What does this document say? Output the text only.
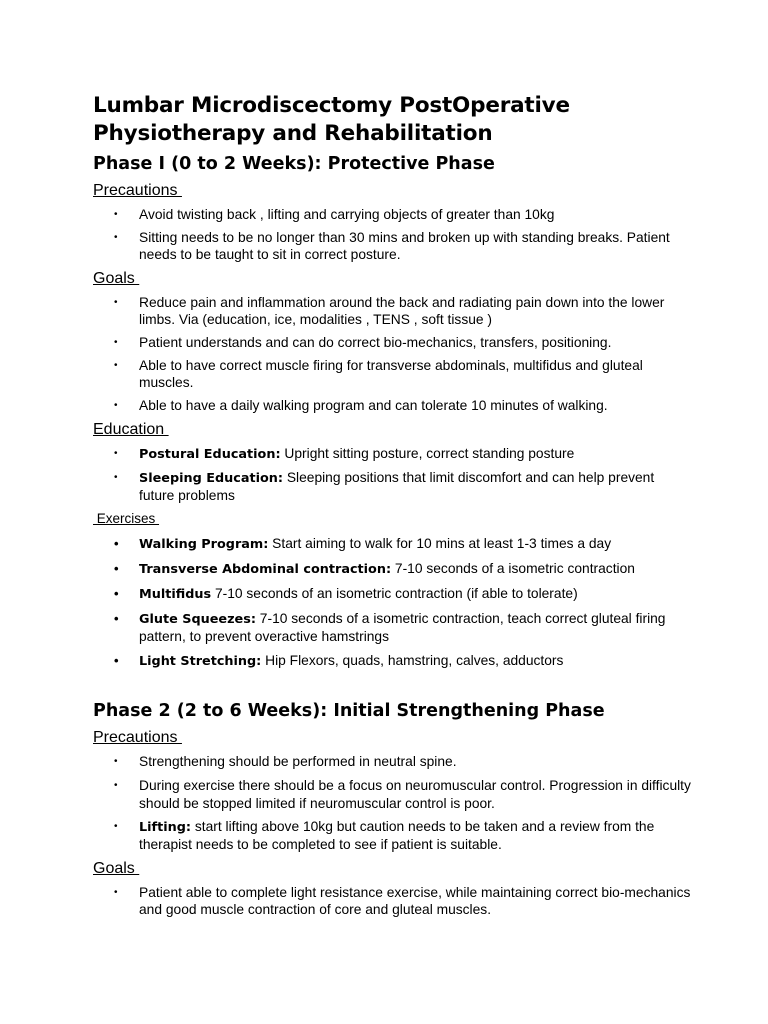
Lumbar Microdiscectomy PostOperative Physiotherapy and Rehabilitation
Phase I (0 to 2 Weeks): Protective Phase
Precautions
• Avoid twisting back , lifting and carrying objects of greater than 10kg
• Sitting needs to be no longer than 30 mins and broken up with standing breaks. Patient needs to be taught to sit in correct posture.
Goals
• Reduce pain and inflammation around the back and radiating pain down into the lower limbs. Via (education, ice, modalities , TENS , soft tissue )
• Patient understands and can do correct bio-mechanics, transfers, positioning.
• Able to have correct muscle firing for transverse abdominals, multifidus and gluteal muscles.
• Able to have a daily walking program and can tolerate 10 minutes of walking.
Education
• Postural Education: Upright sitting posture, correct standing posture
• Sleeping Education: Sleeping positions that limit discomfort and can help prevent future problems
Exercises
• Walking Program: Start aiming to walk for 10 mins at least 1-3 times a day
• Transverse Abdominal contraction: 7-10 seconds of a isometric contraction
• Multifidus 7-10 seconds of an isometric contraction (if able to tolerate)
• Glute Squeezes: 7-10 seconds of a isometric contraction, teach correct gluteal firing pattern, to prevent overactive hamstrings
• Light Stretching: Hip Flexors, quads, hamstring, calves, adductors
Phase 2 (2 to 6 Weeks): Initial Strengthening Phase
Precautions
• Strengthening should be performed in neutral spine.
• During exercise there should be a focus on neuromuscular control. Progression in difficulty should be stopped limited if neuromuscular control is poor.
• Lifting: start lifting above 10kg but caution needs to be taken and a review from the therapist needs to be completed to see if patient is suitable.
Goals
• Patient able to complete light resistance exercise, while maintaining correct bio-mechanics and good muscle contraction of core and gluteal muscles.
